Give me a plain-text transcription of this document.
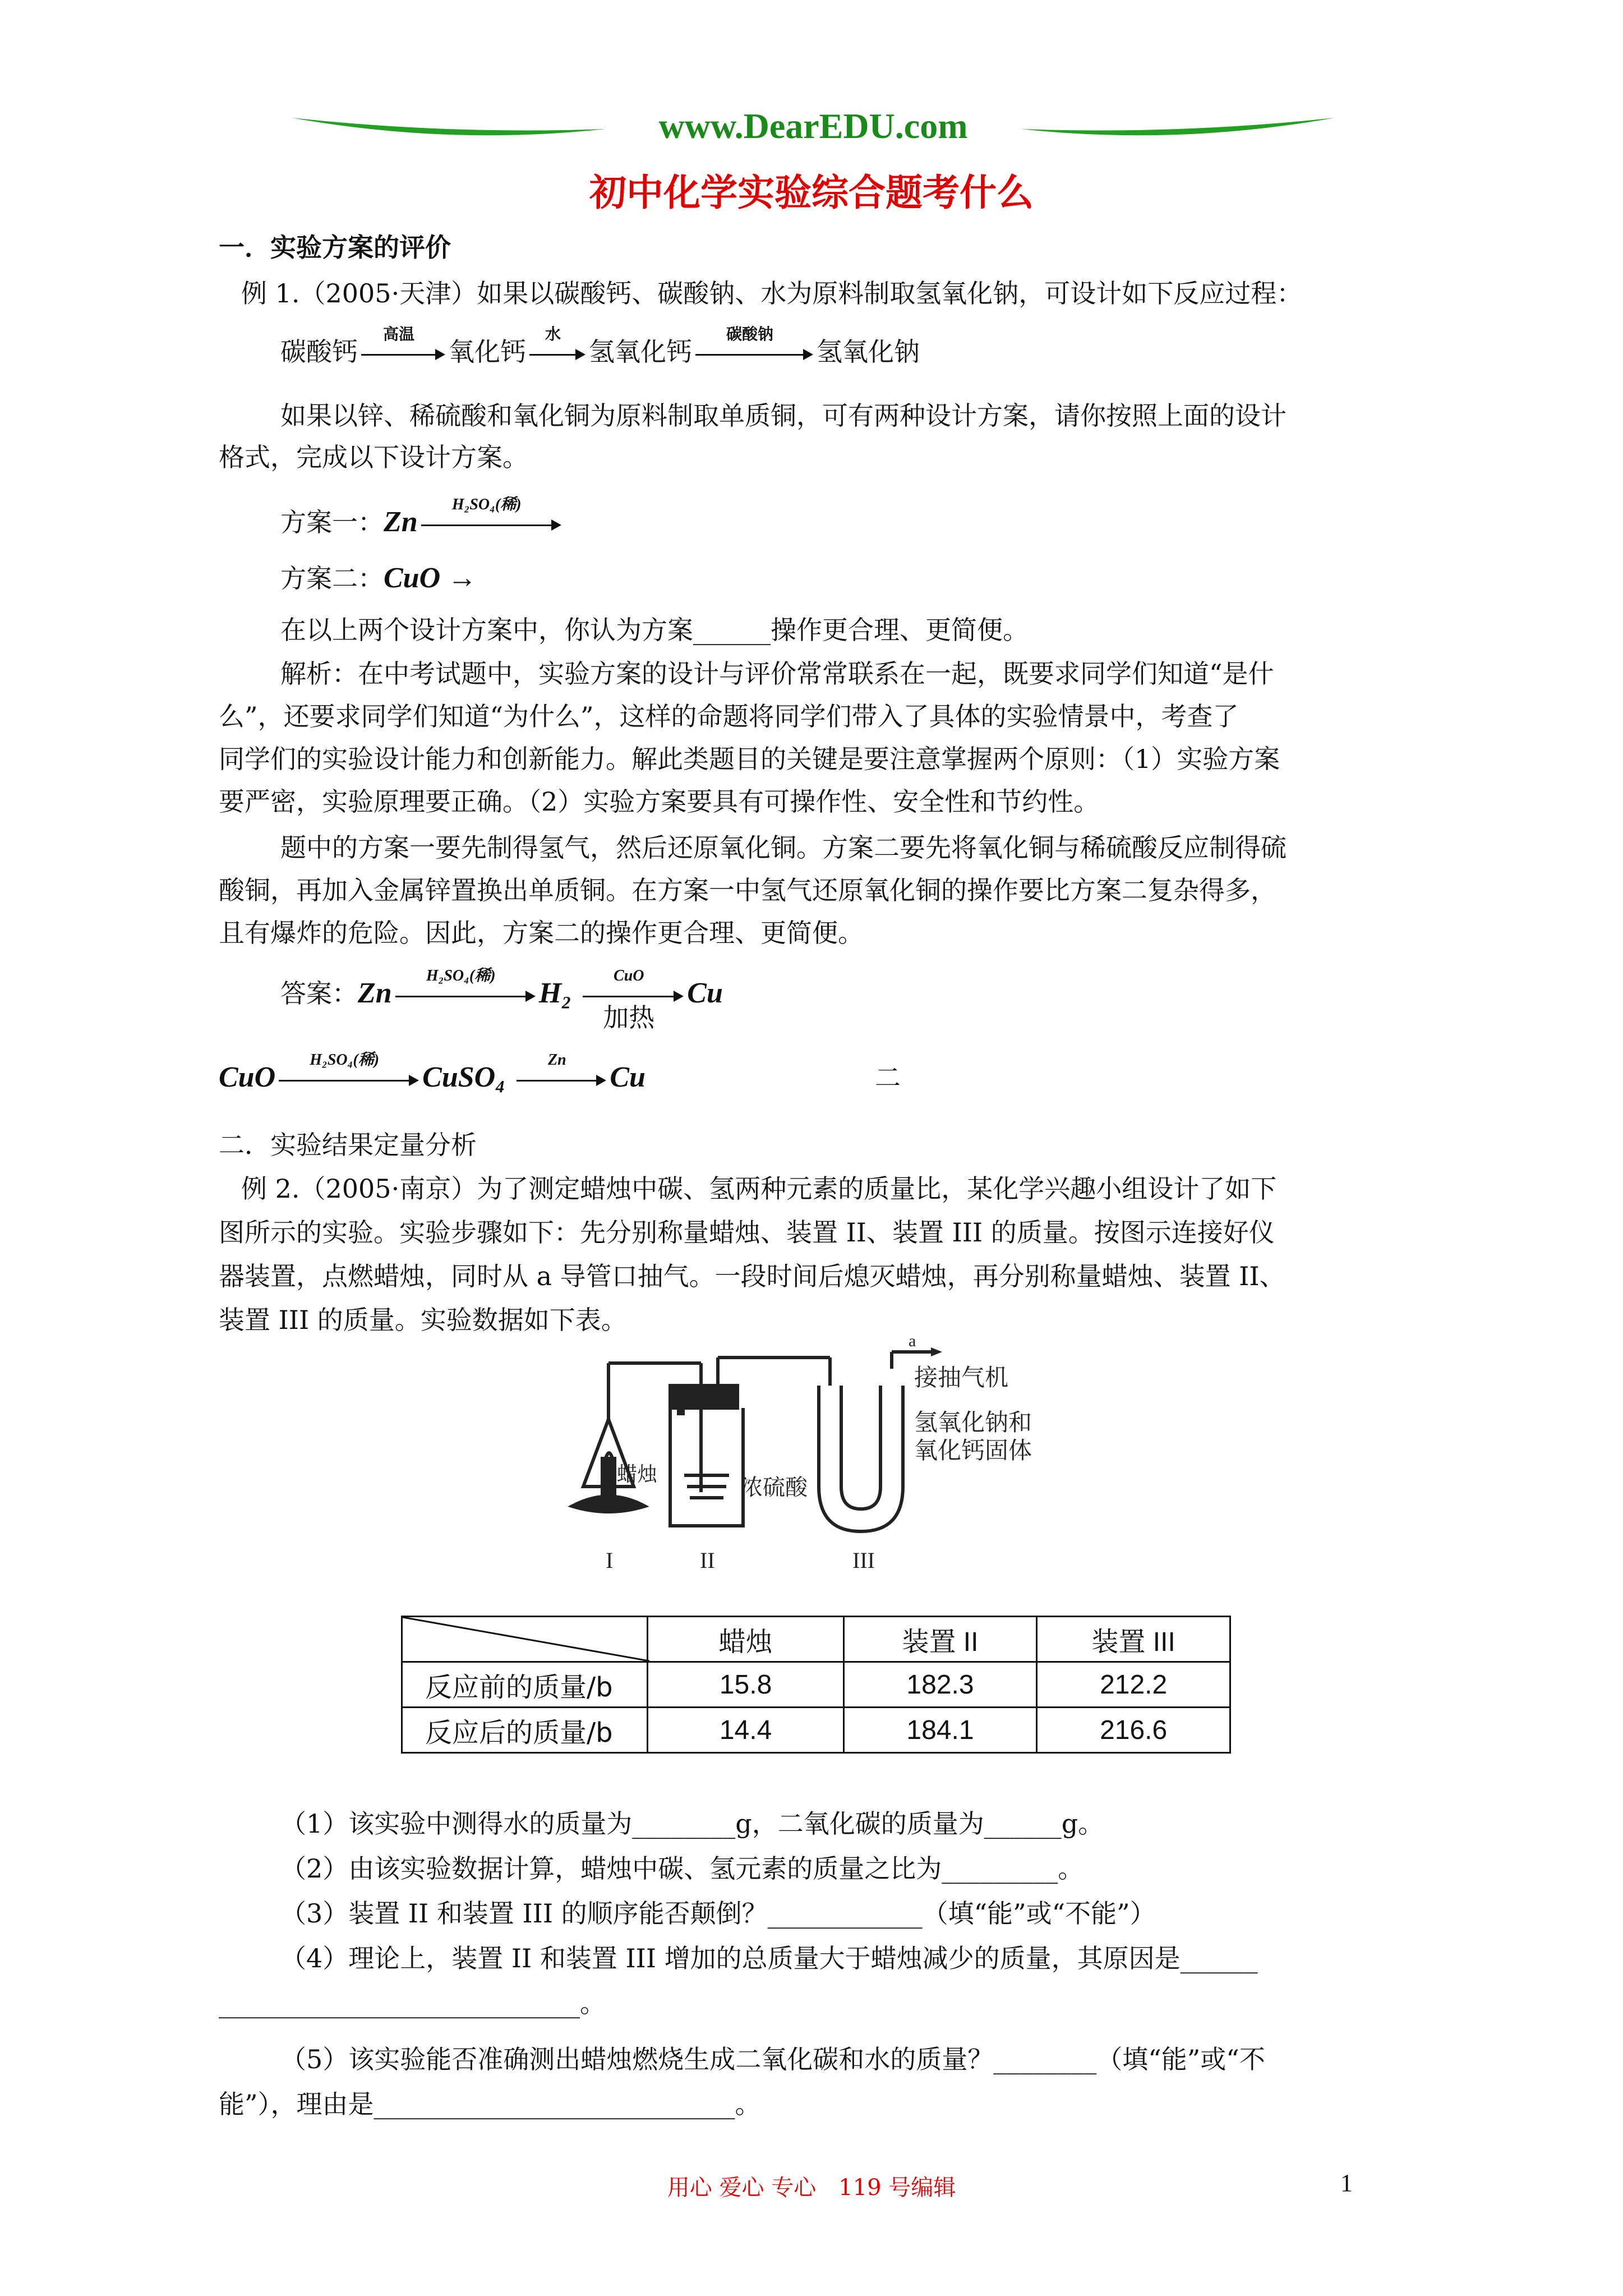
www.DearEDU.com
初中化学实验综合题考什么
一．实验方案的评价
例 1.（2005·天津）如果以碳酸钙、碳酸钠、水为原料制取氢氧化钠，可设计如下反应过程：
碳酸钙
高温
氧化钙
水
氢氧化钙
碳酸钠
氢氧化钠
如果以锌、稀硫酸和氧化铜为原料制取单质铜，可有两种设计方案，请你按照上面的设计
格式，完成以下设计方案。
方案一：Zn
H₂SO₄(稀)
方案二：CuO →
在以上两个设计方案中，你认为方案______操作更合理、更简便。
解析：在中考试题中，实验方案的设计与评价常常联系在一起，既要求同学们知道“是什
么”，还要求同学们知道“为什么”，这样的命题将同学们带入了具体的实验情景中，考查了
同学们的实验设计能力和创新能力。解此类题目的关键是要注意掌握两个原则：（1）实验方案
要严密，实验原理要正确。（2）实验方案要具有可操作性、安全性和节约性。
题中的方案一要先制得氢气，然后还原氧化铜。方案二要先将氧化铜与稀硫酸反应制得硫
酸铜，再加入金属锌置换出单质铜。在方案一中氢气还原氧化铜的操作要比方案二复杂得多，
且有爆炸的危险。因此，方案二的操作更合理、更简便。
答案：Zn
H₂SO₄(稀)
H₂
CuO
加热
Cu
CuO
H₂SO₄(稀)
CuSO₄
Zn
Cu	二
二．实验结果定量分析
例 2.（2005·南京）为了测定蜡烛中碳、氢两种元素的质量比，某化学兴趣小组设计了如下
图所示的实验。实验步骤如下：先分别称量蜡烛、装置 II、装置 III 的质量。按图示连接好仪
器装置，点燃蜡烛，同时从 a 导管口抽气。一段时间后熄灭蜡烛，再分别称量蜡烛、装置 II、
装置 III 的质量。实验数据如下表。
a
接抽气机
氢氧化钠和
氧化钙固体
蜡烛
浓硫酸
I	II	III
	蜡烛	装置 II	装置 III
反应前的质量/b	15.8	182.3	212.2
反应后的质量/b	14.4	184.1	216.6
（1）该实验中测得水的质量为________g，二氧化碳的质量为______g。
（2）由该实验数据计算，蜡烛中碳、氢元素的质量之比为_________。
（3）装置 II 和装置 III 的顺序能否颠倒？____________（填“能”或“不能”）
（4）理论上，装置 II 和装置 III 增加的总质量大于蜡烛减少的质量，其原因是______
____________________________。
（5）该实验能否准确测出蜡烛燃烧生成二氧化碳和水的质量？________（填“能”或“不
能”），理由是____________________________。
用心 爱心 专心　119 号编辑	1
